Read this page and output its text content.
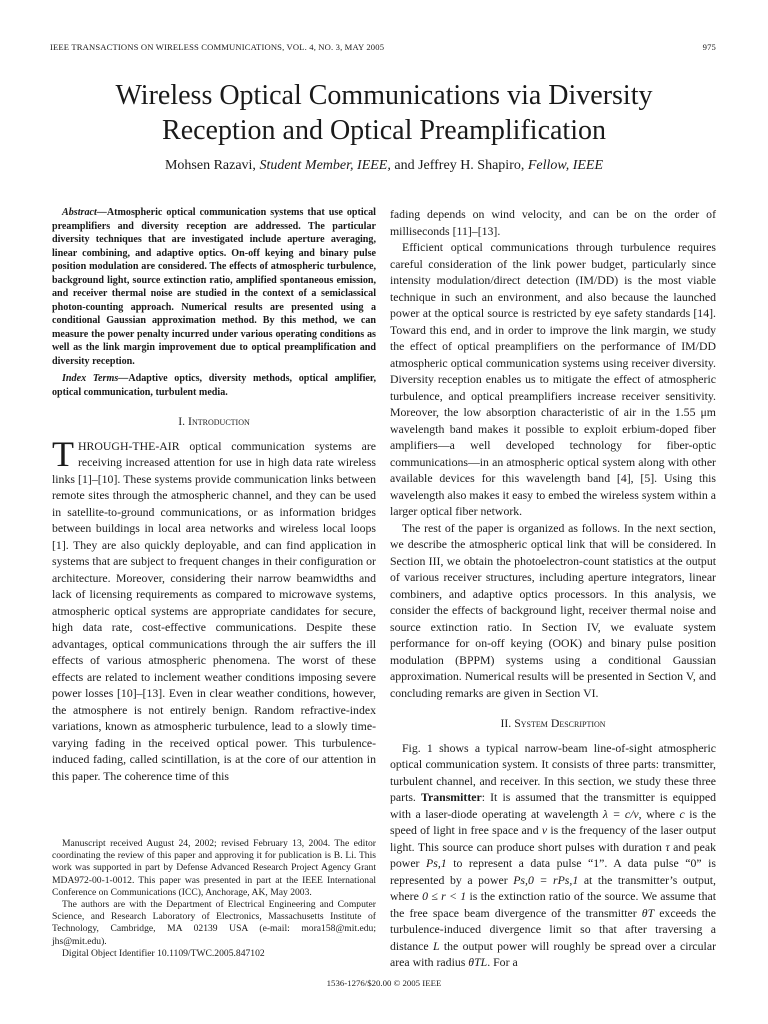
IEEE TRANSACTIONS ON WIRELESS COMMUNICATIONS, VOL. 4, NO. 3, MAY 2005	975
Wireless Optical Communications via Diversity
Reception and Optical Preamplification
Mohsen Razavi, Student Member, IEEE, and Jeffrey H. Shapiro, Fellow, IEEE

Abstract—Atmospheric optical communication systems that use optical preamplifiers and diversity reception are addressed. The particular diversity techniques that are investigated include aperture averaging, linear combining, and adaptive optics. On-off keying and binary pulse position modulation are considered. The effects of atmospheric turbulence, background light, source extinction ratio, amplified spontaneous emission, and receiver thermal noise are studied in the context of a semiclassical photon-counting approach. Numerical results are presented using a conditional Gaussian approximation method. By this method, we can measure the power penalty incurred under various operating conditions as well as the link margin improvement due to optical preamplification and diversity reception.

Index Terms—Adaptive optics, diversity methods, optical amplifier, optical communication, turbulent media.

I. Introduction

THROUGH-THE-AIR optical communication systems are receiving increased attention for use in high data rate wireless links [1]–[10]. These systems provide communication links between remote sites through the atmospheric channel, and they can be used in satellite-to-ground communications, or as information bridges between buildings in local area networks and wireless local loops [1]. They are also quickly deployable, and can find application in systems that are subject to frequent changes in their configuration or architecture. Moreover, considering their narrow beamwidths and lack of licensing requirements as compared to microwave systems, atmospheric optical systems are appropriate candidates for secure, high data rate, cost-effective communications. Despite these advantages, optical communications through the air suffers the ill effects of various atmospheric phenomena. The worst of these effects are related to inclement weather conditions imposing severe power losses [10]–[13]. Even in clear weather conditions, however, the atmosphere is not entirely benign. Random refractive-index variations, known as atmospheric turbulence, lead to a slowly time-varying fading in the received optical power. This turbulence-induced fading, called scintillation, is at the core of our attention in this paper. The coherence time of this

Manuscript received August 24, 2002; revised February 13, 2004. The editor coordinating the review of this paper and approving it for publication is B. Li. This work was supported in part by Defense Advanced Research Project Agency Grant MDA972-00-1-0012. This paper was presented in part at the IEEE International Conference on Communications (ICC), Anchorage, AK, May 2003.

The authors are with the Department of Electrical Engineering and Computer Science, and Research Laboratory of Electronics, Massachusetts Institute of Technology, Cambridge, MA 02139 USA (e-mail: mora158@mit.edu; jhs@mit.edu).

Digital Object Identifier 10.1109/TWC.2005.847102

fading depends on wind velocity, and can be on the order of milliseconds [11]–[13].

Efficient optical communications through turbulence requires careful consideration of the link power budget, particularly since intensity modulation/direct detection (IM/DD) is the most viable technique in such an environment, and also because the launched power at the optical source is restricted by eye safety standards [14]. Toward this end, and in order to improve the link margin, we study the effect of optical preamplifiers on the performance of IM/DD atmospheric optical communication systems using receiver diversity. Diversity reception enables us to mitigate the effect of atmospheric turbulence, and optical preamplifiers increase receiver sensitivity. Moreover, the low absorption characteristic of air in the 1.55 μm wavelength band makes it possible to exploit erbium-doped fiber amplifiers—a well developed technology for fiber-optic communications—in an atmospheric optical system along with other available devices for this wavelength band [4], [5]. Using this wavelength also makes it easy to embed the wireless system within a larger optical fiber network.

The rest of the paper is organized as follows. In the next section, we describe the atmospheric optical link that will be considered. In Section III, we obtain the photoelectron-count statistics at the output of various receiver structures, including aperture integrators, linear combiners, and adaptive optics processors. In this analysis, we consider the effects of background light, receiver thermal noise and source extinction ratio. In Section IV, we evaluate system performance for on-off keying (OOK) and binary pulse position modulation (BPPM) systems using a conditional Gaussian approximation. Numerical results will be presented in Section V, and concluding remarks are given in Section VI.

II. System Description

Fig. 1 shows a typical narrow-beam line-of-sight atmospheric optical communication system. It consists of three parts: transmitter, turbulent channel, and receiver. In this section, we study these three parts. Transmitter: It is assumed that the transmitter is equipped with a laser-diode operating at wavelength λ = c/ν, where c is the speed of light in free space and ν is the frequency of the laser output light. This source can produce short pulses with duration τ and peak power Ps,1 to represent a data pulse “1”. A data pulse “0” is represented by a power Ps,0 = rPs,1 at the transmitter’s output, where 0 ≤ r < 1 is the extinction ratio of the source. We assume that the free space beam divergence of the transmitter θT exceeds the turbulence-induced divergence limit so that after traversing a distance L the output power will roughly be spread over a circular area with radius θTL. For a

1536-1276/$20.00 © 2005 IEEE
